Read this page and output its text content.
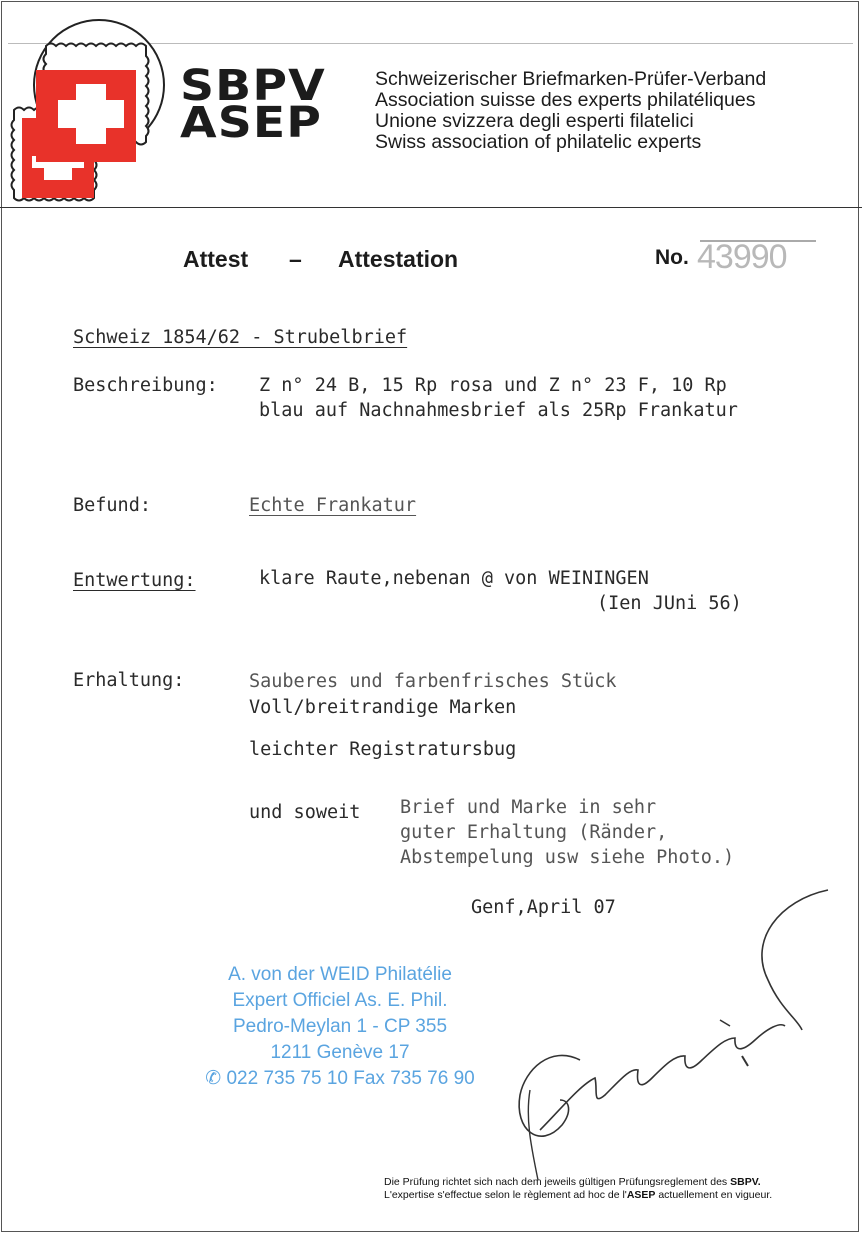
SBPV
ASEP
Schweizerischer Briefmarken-Prüfer-Verband
Association suisse des experts philatéliques
Unione svizzera degli esperti filatelici
Swiss association of philatelic experts
Attest – Attestation	No. 43990
Schweiz 1854/62 - Strubelbrief
Beschreibung: Z n° 24 B, 15 Rp rosa und Z n° 23 F, 10 Rp
blau auf Nachnahmesbrief als 25Rp Frankatur
Befund:	Echte Frankatur
Entwertung:	klare Raute,nebenan @ von WEININGEN
(Ien JUni 56)
Erhaltung:	Sauberes und farbenfrisches Stück
Voll/breitrandige Marken
leichter Registratursbug
und soweit Brief und Marke in sehr
guter Erhaltung (Ränder,
Abstempelung usw siehe Photo.)
Genf,April 07
A. von der WEID Philatélie
Expert Officiel As. E. Phil.
Pedro-Meylan 1 - CP 355
1211 Genève 17
✆ 022 735 75 10 Fax 735 76 90
Die Prüfung richtet sich nach dem jeweils gültigen Prüfungsreglement des SBPV.
L'expertise s'effectue selon le règlement ad hoc de l'ASEP actuellement en vigueur.
